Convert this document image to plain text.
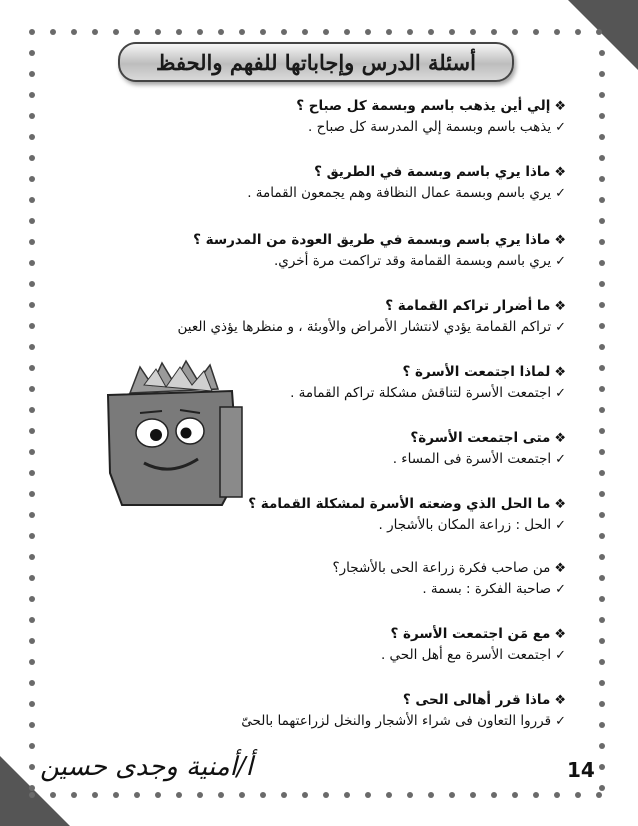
أسئلة الدرس وإجاباتها للفهم والحفظ
❖إلي أين يذهب باسم وبسمة كل صباح ؟
✓يذهب باسم وبسمة إلي المدرسة كل صباح .
❖ماذا يري باسم وبسمة في الطريق ؟
✓يري باسم وبسمة عمال النظافة وهم يجمعون القمامة .
❖ماذا يري باسم وبسمة في طريق العودة من المدرسة ؟
✓يري باسم وبسمة القمامة وقد تراكمت مرة أخري.
❖ما أضرار تراكم القمامة ؟
✓تراكم القمامة يؤدي لانتشار الأمراض والأوبئة ، و منظرها يؤذي العين
❖لماذا اجتمعت الأسرة ؟
✓اجتمعت الأسرة لتناقش مشكلة تراكم القمامة .
❖متى اجتمعت الأسرة؟
✓اجتمعت الأسرة فى المساء .
❖ما الحل الذي وضعته الأسرة لمشكلة القمامة ؟
✓الحل : زراعة المكان بالأشجار .
❖من صاحب فكرة زراعة الحى بالأشجار؟
✓صاحبة الفكرة : بسمة .
❖مع مَن اجتمعت الأسرة ؟
✓اجتمعت الأسرة مع أهل الحي .
❖ماذا قرر أهالى الحى ؟
✓قرروا التعاون فى شراء الأشجار والنخل لزراعتهما بالحىّ
14
أ/أمنية وجدى حسين
